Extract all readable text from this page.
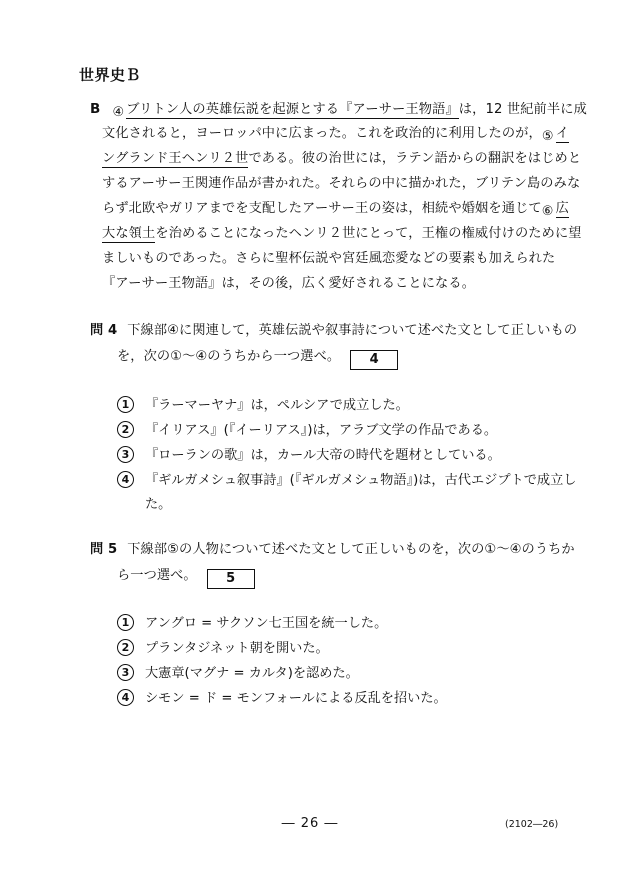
世界史Ｂ
B ④ ブリトン人の英雄伝説を起源とする『アーサー王物語』は，12 世紀前半に成
文化されると，ヨーロッパ中に広まった。これを政治的に利用したのが，⑤ イ
ングランド王ヘンリ２世である。彼の治世には，ラテン語からの翻訳をはじめと
するアーサー王関連作品が書かれた。それらの中に描かれた，ブリテン島のみな
らず北欧やガリアまでを支配したアーサー王の姿は，相続や婚姻を通じて⑥ 広
大な領土を治めることになったヘンリ２世にとって，王権の権威付けのために望
ましいものであった。さらに聖杯伝説や宮廷風恋愛などの要素も加えられた
『アーサー王物語』は，その後，広く愛好されることになる。
問 4 下線部④に関連して，英雄伝説や叙事詩について述べた文として正しいもの
を，次の①～④のうちから一つ選べ。 4
1 『ラーマーヤナ』は，ペルシアで成立した。
2 『イリアス』(『イーリアス』)は，アラブ文学の作品である。
3 『ローランの歌』は，カール大帝の時代を題材としている。
4 『ギルガメシュ叙事詩』(『ギルガメシュ物語』)は，古代エジプトで成立し
た。
問 5 下線部⑤の人物について述べた文として正しいものを，次の①～④のうちか
ら一つ選べ。 5
1 アングロ = サクソン七王国を統一した。
2 プランタジネット朝を開いた。
3 大憲章(マグナ = カルタ)を認めた。
4 シモン = ド = モンフォールによる反乱を招いた。
― 26 ―	(2102―26)
